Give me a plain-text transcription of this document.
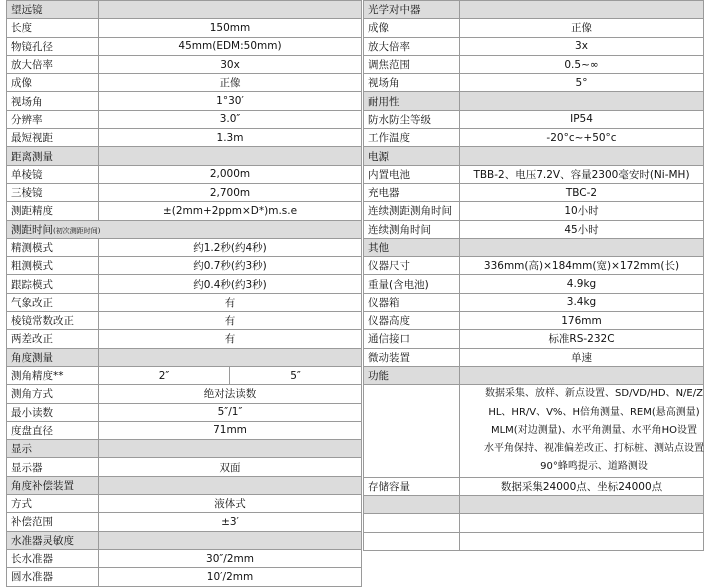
望远镜		
长度	150mm	
物镜孔径	45mm(EDM:50mm)	
放大倍率	30x	
成像	正像	
视场角	1°30′	
分辨率	3.0″	
最短视距	1.3m	
距离测量		
单棱镜	2,000m	
三棱镜	2,700m	
测距精度	±(2mm+2ppm×D*)m.s.e	
测距时间(初次测距时间)		
精测模式	约1.2秒(约4秒)	
粗测模式	约0.7秒(约3秒)	
跟踪模式	约0.4秒(约3秒)	
气象改正	有	
棱镜常数改正	有	
两差改正	有	
角度测量		
测角精度**	2″	5″
测角方式	绝对法读数	
最小读数	5″/1″	
度盘直径	71mm	
显示		
显示器	双面	
角度补偿装置		
方式	液体式	
补偿范围	±3′	
水准器灵敏度		
长水准器	30″/2mm	
圆水准器	10′/2mm	
光学对中器	
成像	正像
放大倍率	3x
调焦范围	0.5~∞
视场角	5°
耐用性	
防水防尘等级	IP54
工作温度	-20°c~+50°c
电源	
内置电池	TBB-2、电压7.2V、容量2300毫安时(Ni-MH)
充电器	TBC-2
连续测距测角时间	10小时
连续测角时间	45小时
其他	
仪器尺寸	336mm(高)×184mm(宽)×172mm(长)
重量(含电池)	4.9kg
仪器箱	3.4kg
仪器高度	176mm
通信接口	标准RS-232C
微动装置	单速
功能	

	数据采集、放样、新点设置、SD/VD/HD、N/E/Z
HL、HR/V、V%、H倍角测量、REM(悬高测量)
MLM(对边测量)、水平角测量、水平角HO设置
水平角保持、视准偏差改正、打标桩、测站点设置
90°蜂鸣提示、道路测设

存储容量	数据采集24000点、坐标24000点
